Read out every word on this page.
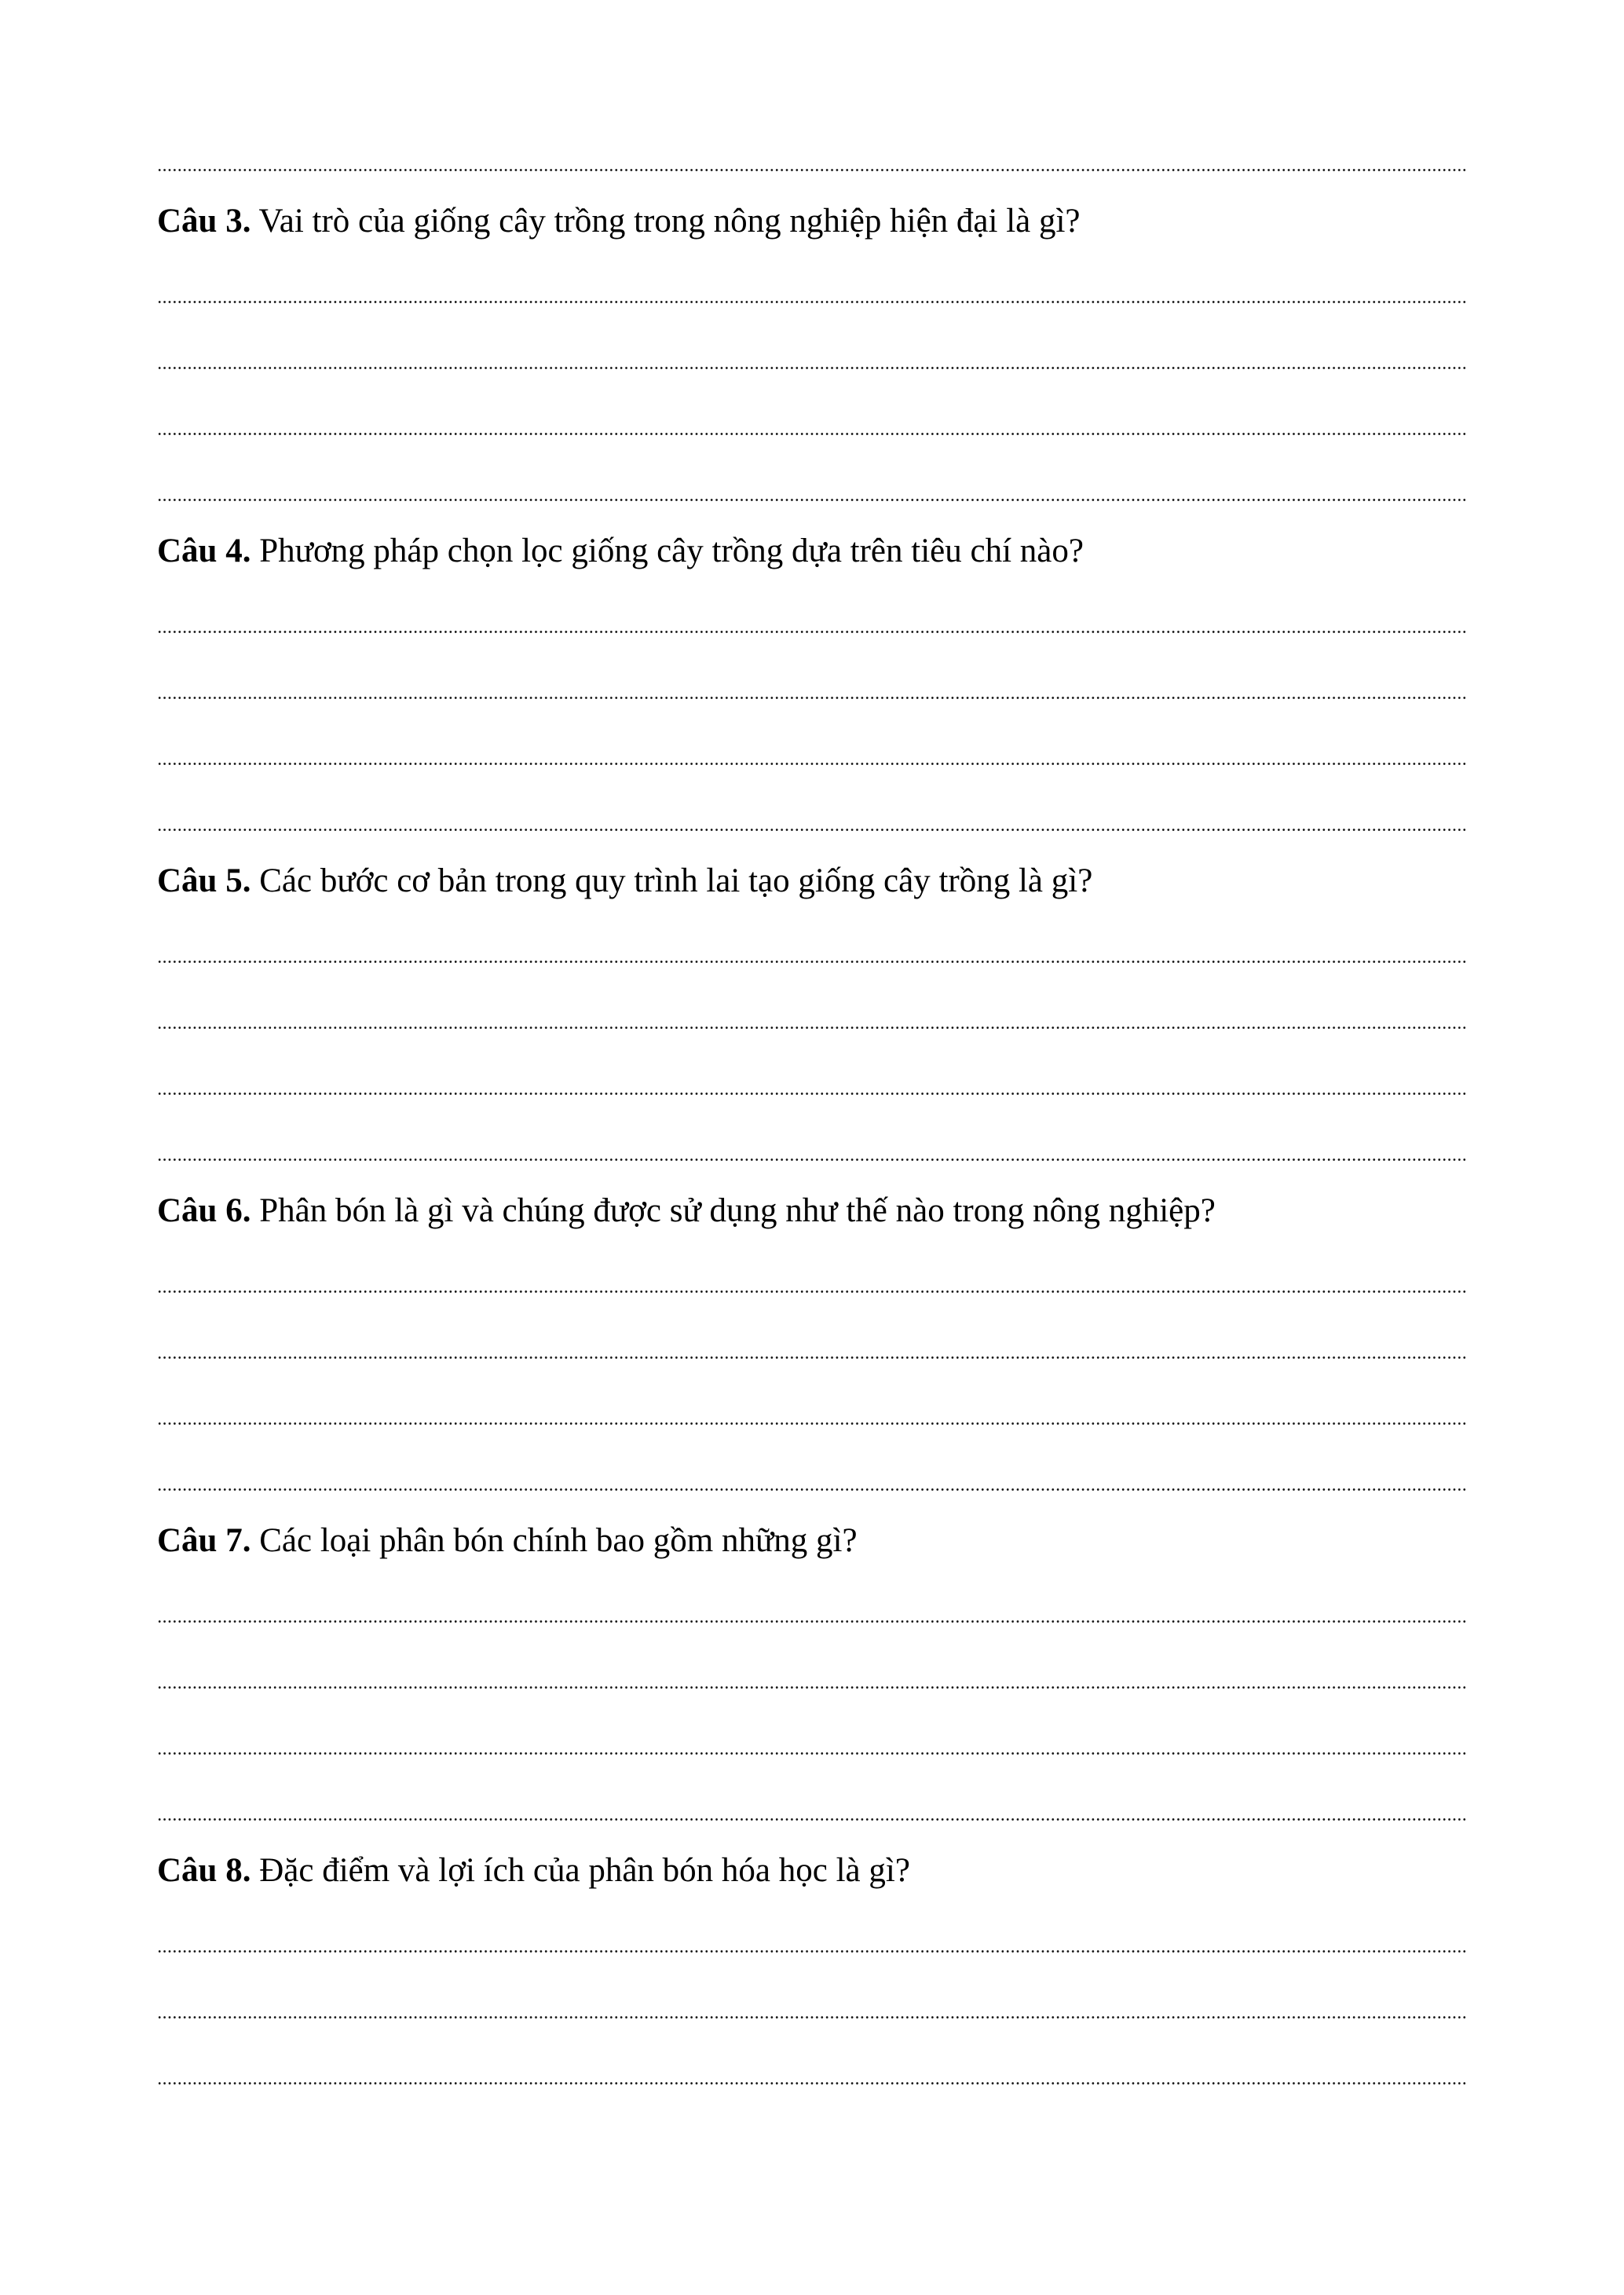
Câu 3. Vai trò của giống cây trồng trong nông nghiệp hiện đại là gì?
Câu 4. Phương pháp chọn lọc giống cây trồng dựa trên tiêu chí nào?
Câu 5. Các bước cơ bản trong quy trình lai tạo giống cây trồng là gì?
Câu 6. Phân bón là gì và chúng được sử dụng như thế nào trong nông nghiệp?
Câu 7. Các loại phân bón chính bao gồm những gì?
Câu 8. Đặc điểm và lợi ích của phân bón hóa học là gì?
